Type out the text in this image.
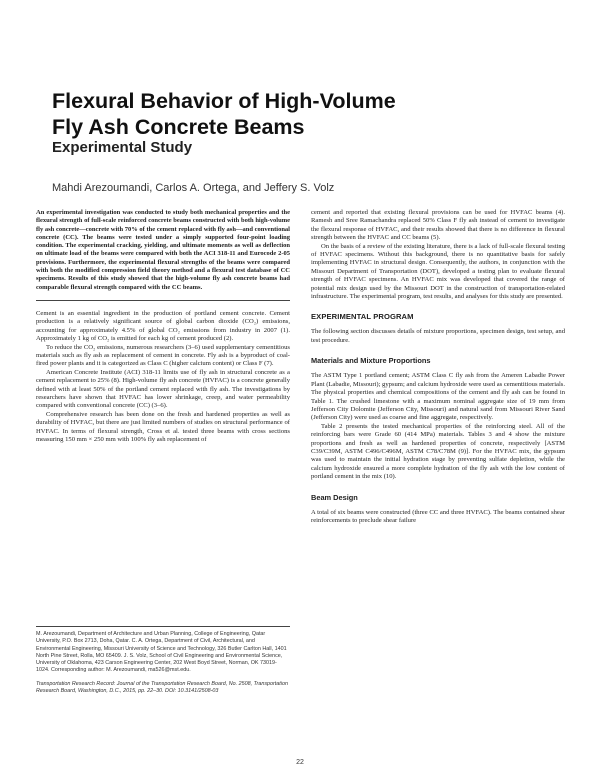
Flexural Behavior of High-Volume
Fly Ash Concrete Beams
Experimental Study
Mahdi Arezoumandi, Carlos A. Ortega, and Jeffery S. Volz

An experimental investigation was conducted to study both mechanical properties and the flexural strength of full-scale reinforced concrete beams constructed with both high-volume fly ash concrete—concrete with 70% of the cement replaced with fly ash—and conventional concrete (CC). The beams were tested under a simply supported four-point loading condition. The experimental cracking, yielding, and ultimate moments as well as deflection on ultimate load of the beams were compared with both the ACI 318-11 and Eurocode 2-05 provisions. Furthermore, the experimental flexural strengths of the beams were compared with both the modified compression field theory method and a flexural test database of CC specimens. Results of this study showed that the high-volume fly ash concrete beams had comparable flexural strength compared with the CC beams.

Cement is an essential ingredient in the production of portland cement concrete. Cement production is a relatively significant source of global carbon dioxide (CO₂) emissions, accounting for approximately 4.5% of global CO₂ emissions from industry in 2007 (1). Approximately 1 kg of CO₂ is emitted for each kg of cement produced (2).

To reduce the CO₂ emissions, numerous researchers (3–6) used supplementary cementitious materials such as fly ash as replacement of cement in concrete. Fly ash is a byproduct of coal-fired power plants and it is categorized as Class C (higher calcium content) or Class F (7).

American Concrete Institute (ACI) 318-11 limits use of fly ash in structural concrete as a cement replacement to 25% (8). High-volume fly ash concrete (HVFAC) is a concrete generally defined with at least 50% of the portland cement replaced with fly ash. The investigations by researchers have shown that HVFAC has lower shrinkage, creep, and water permeability compared with conventional concrete (CC) (3–6).

Comprehensive research has been done on the fresh and hardened properties as well as durability of HVFAC, but there are just limited numbers of studies on structural performance of HVFAC. In terms of flexural strength, Cross et al. tested three beams with cross sections measuring 150 mm × 250 mm with 100% fly ash replacement of

M. Arezoumandi, Department of Architecture and Urban Planning, College of Engineering, Qatar University, P.O. Box 2713, Doha, Qatar. C. A. Ortega, Department of Civil, Architectural, and Environmental Engineering, Missouri University of Science and Technology, 326 Butler Carlton Hall, 1401 North Pine Street, Rolla, MO 65409. J. S. Volz, School of Civil Engineering and Environmental Science, University of Oklahoma, 423 Carson Engineering Center, 202 West Boyd Street, Norman, OK 73019-1024. Corresponding author: M. Arezoumandi, ma526@mst.edu.

Transportation Research Record: Journal of the Transportation Research Board, No. 2508, Transportation Research Board, Washington, D.C., 2015, pp. 22–30. DOI: 10.3141/2508-03

cement and reported that existing flexural provisions can be used for HVFAC beams (4). Ramesh and Sree Ramachandra replaced 50% Class F fly ash instead of cement to investigate the flexural response of HVFAC, and their results showed that there is no difference in flexural strength between the HVFAC and CC beams (5).

On the basis of a review of the existing literature, there is a lack of full-scale flexural testing of HVFAC specimens. Without this background, there is no quantitative basis for safely implementing HVFAC in structural design. Consequently, the authors, in conjunction with the Missouri Department of Transportation (DOT), developed a testing plan to evaluate flexural strength of HVFAC specimens. An HVFAC mix was developed that covered the range of potential mix design used by the Missouri DOT in the construction of transportation-related infrastructure. The experimental program, test results, and analyses for this study are presented.

EXPERIMENTAL PROGRAM

The following section discusses details of mixture proportions, specimen design, test setup, and test procedure.

Materials and Mixture Proportions

The ASTM Type 1 portland cement; ASTM Class C fly ash from the Ameren Labadie Power Plant (Labadie, Missouri); gypsum; and calcium hydroxide were used as cementitious materials. The physical properties and chemical compositions of the cement and fly ash can be found in Table 1. The crushed limestone with a maximum nominal aggregate size of 19 mm from Jefferson City Dolomite (Jefferson City, Missouri) and natural sand from Missouri River Sand (Jefferson City) were used as coarse and fine aggregate, respectively.

Table 2 presents the tested mechanical properties of the reinforcing steel. All of the reinforcing bars were Grade 60 (414 MPa) materials. Tables 3 and 4 show the mixture proportions and fresh as well as hardened properties of concrete, respectively [ASTM C39/C39M, ASTM C496/C496M, ASTM C78/C78M (9)]. For the HVFAC mix, the gypsum was used to maintain the initial hydration stage by preventing sulfate depletion, while the calcium hydroxide ensured a more complete hydration of the fly ash with the low content of portland cement in the mix (10).

Beam Design

A total of six beams were constructed (three CC and three HVFAC). The beams contained shear reinforcements to preclude shear failure

22
